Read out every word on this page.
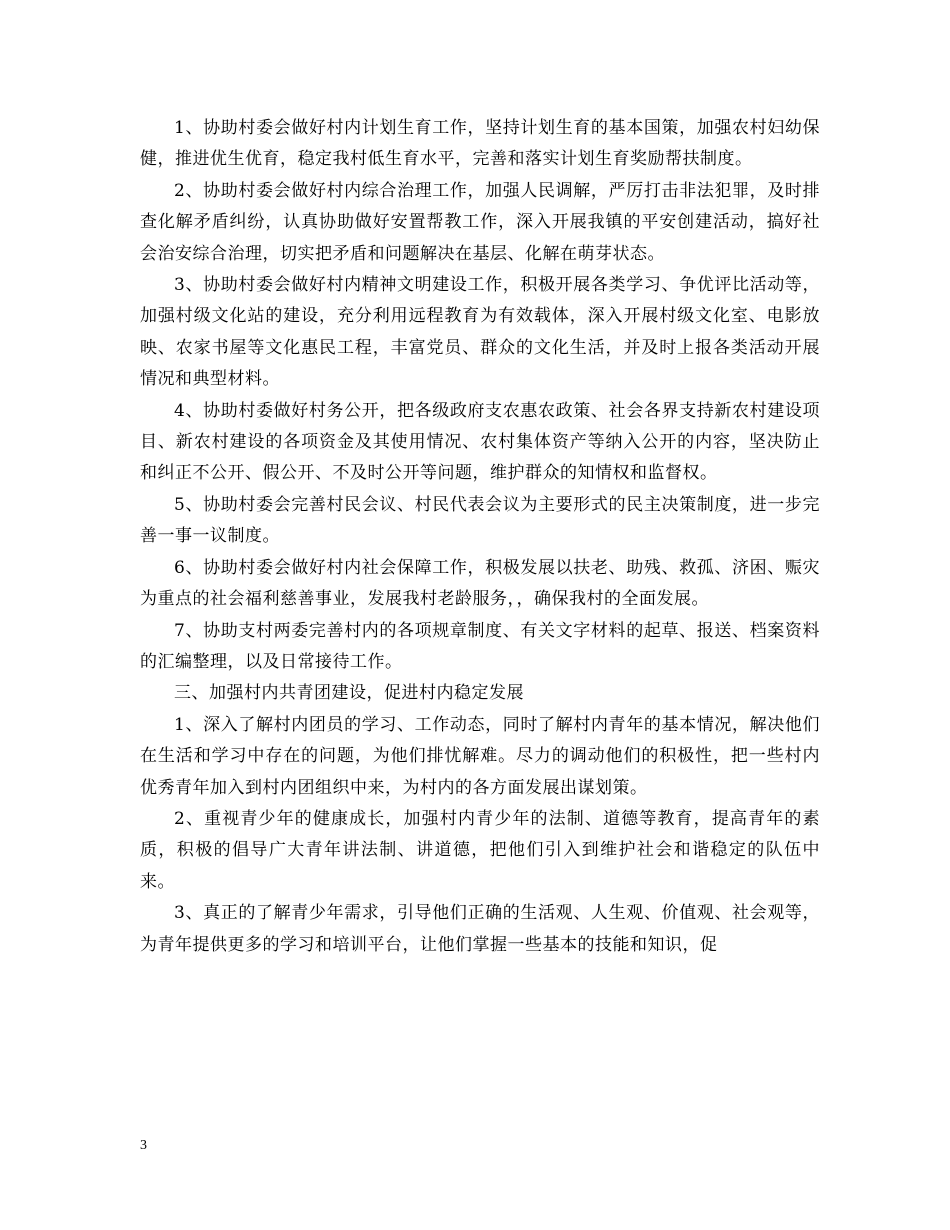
1、协助村委会做好村内计划生育工作，坚持计划生育的基本国策，加强农村妇幼保健，推进优生优育，稳定我村低生育水平，完善和落实计划生育奖励帮扶制度。

2、协助村委会做好村内综合治理工作，加强人民调解，严厉打击非法犯罪，及时排查化解矛盾纠纷，认真协助做好安置帮教工作，深入开展我镇的平安创建活动，搞好社会治安综合治理，切实把矛盾和问题解决在基层、化解在萌芽状态。

3、协助村委会做好村内精神文明建设工作，积极开展各类学习、争优评比活动等，加强村级文化站的建设，充分利用远程教育为有效载体，深入开展村级文化室、电影放映、农家书屋等文化惠民工程，丰富党员、群众的文化生活，并及时上报各类活动开展情况和典型材料。

4、协助村委做好村务公开，把各级政府支农惠农政策、社会各界支持新农村建设项目、新农村建设的各项资金及其使用情况、农村集体资产等纳入公开的内容，坚决防止和纠正不公开、假公开、不及时公开等问题，维护群众的知情权和监督权。

5、协助村委会完善村民会议、村民代表会议为主要形式的民主决策制度，进一步完善一事一议制度。

6、协助村委会做好村内社会保障工作，积极发展以扶老、助残、救孤、济困、赈灾为重点的社会福利慈善事业，发展我村老龄服务，，确保我村的全面发展。

7、协助支村两委完善村内的各项规章制度、有关文字材料的起草、报送、档案资料的汇编整理，以及日常接待工作。

三、加强村内共青团建设，促进村内稳定发展

1、深入了解村内团员的学习、工作动态，同时了解村内青年的基本情况，解决他们在生活和学习中存在的问题，为他们排忧解难。尽力的调动他们的积极性，把一些村内优秀青年加入到村内团组织中来，为村内的各方面发展出谋划策。

2、重视青少年的健康成长，加强村内青少年的法制、道德等教育，提高青年的素质，积极的倡导广大青年讲法制、讲道德，把他们引入到维护社会和谐稳定的队伍中来。

3、真正的了解青少年需求，引导他们正确的生活观、人生观、价值观、社会观等，为青年提供更多的学习和培训平台，让他们掌握一些基本的技能和知识，促

3
